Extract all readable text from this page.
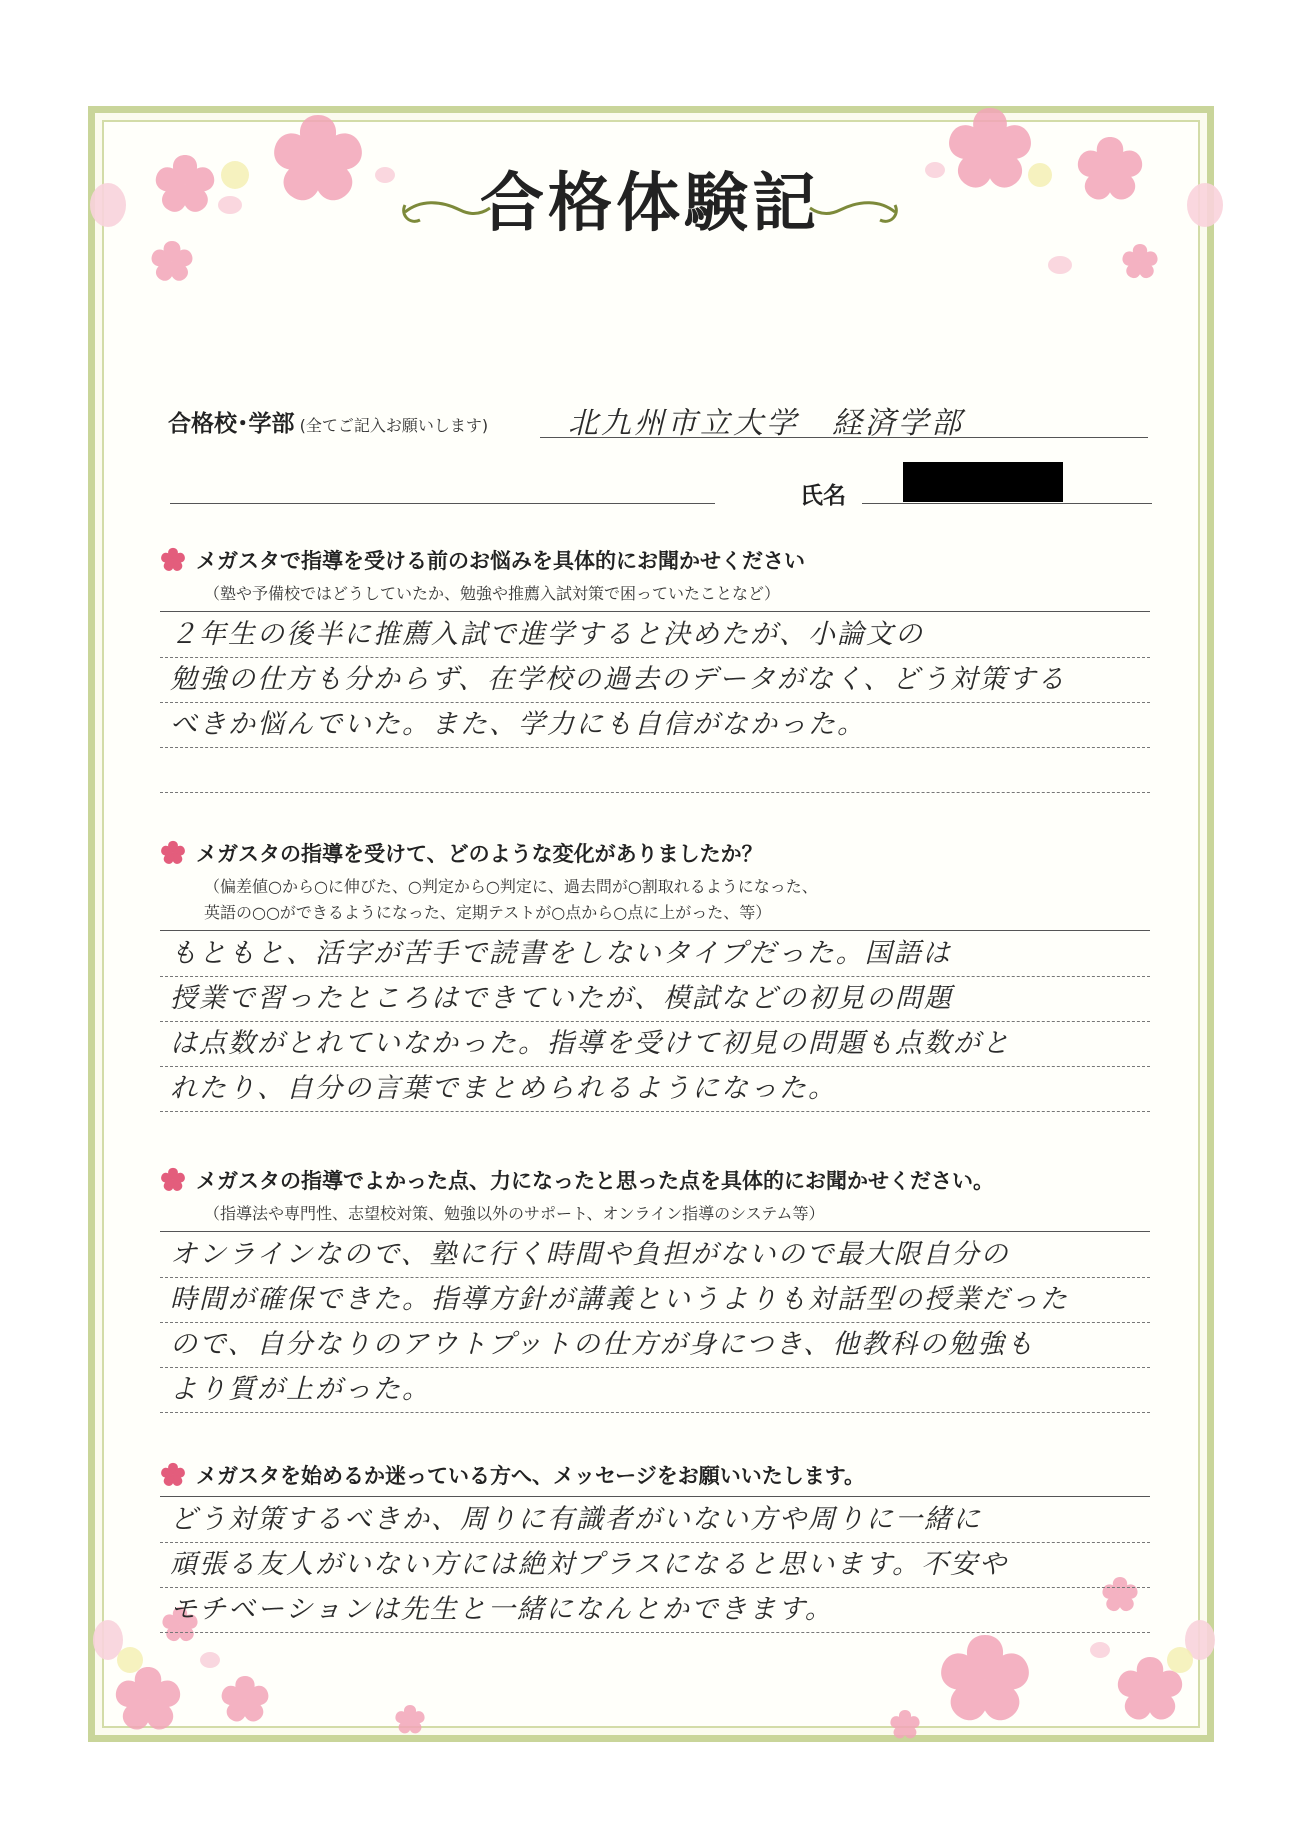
合格体験記
合格校･学部 (全てご記入お願いします)	北九州市立大学　経済学部
氏名
メガスタで指導を受ける前のお悩みを具体的にお聞かせください
（塾や予備校ではどうしていたか、勉強や推薦入試対策で困っていたことなど）
２年生の後半に推薦入試で進学すると決めたが、小論文の
勉強の仕方も分からず、在学校の過去のデータがなく、どう対策する
べきか悩んでいた。また、学力にも自信がなかった。
メガスタの指導を受けて、どのような変化がありましたか？
（偏差値○から○に伸びた、○判定から○判定に、過去問が○割取れるようになった、
英語の○○ができるようになった、定期テストが○点から○点に上がった、等）
もともと、活字が苦手で読書をしないタイプだった。国語は
授業で習ったところはできていたが、模試などの初見の問題
は点数がとれていなかった。指導を受けて初見の問題も点数がと
れたり、自分の言葉でまとめられるようになった。
メガスタの指導でよかった点、力になったと思った点を具体的にお聞かせください。
（指導法や専門性、志望校対策、勉強以外のサポート、オンライン指導のシステム等）
オンラインなので、塾に行く時間や負担がないので最大限自分の
時間が確保できた。指導方針が講義というよりも対話型の授業だった
ので、自分なりのアウトプットの仕方が身につき、他教科の勉強も
より質が上がった。
メガスタを始めるか迷っている方へ、メッセージをお願いいたします。
どう対策するべきか、周りに有識者がいない方や周りに一緒に
頑張る友人がいない方には絶対プラスになると思います。不安や
モチベーションは先生と一緒になんとかできます。
